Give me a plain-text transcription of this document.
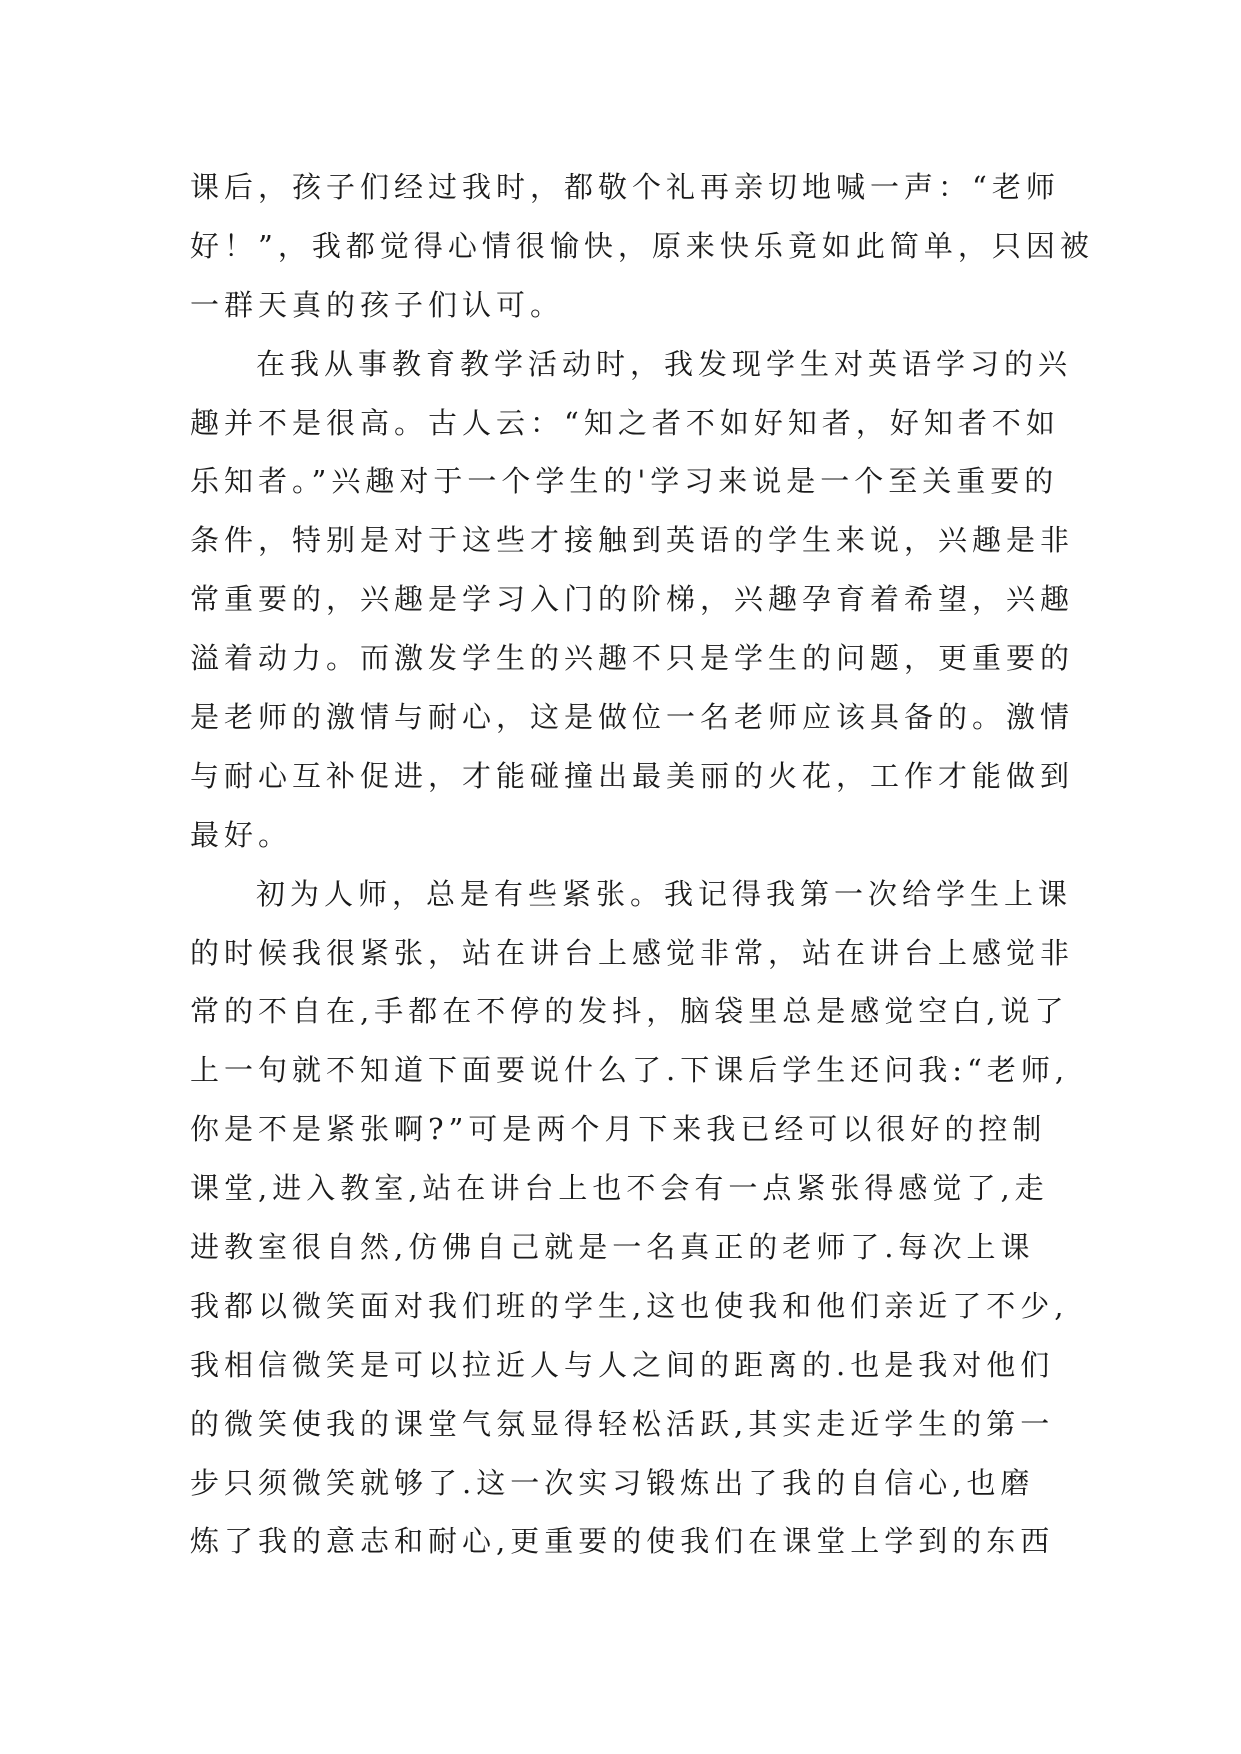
课后，孩子们经过我时，都敬个礼再亲切地喊一声：“老师
好！”，我都觉得心情很愉快，原来快乐竟如此简单，只因被
一群天真的孩子们认可。
在我从事教育教学活动时，我发现学生对英语学习的兴
趣并不是很高。古人云：“知之者不如好知者，好知者不如
乐知者。”兴趣对于一个学生的'学习来说是一个至关重要的
条件，特别是对于这些才接触到英语的学生来说，兴趣是非
常重要的，兴趣是学习入门的阶梯，兴趣孕育着希望，兴趣
溢着动力。而激发学生的兴趣不只是学生的问题，更重要的
是老师的激情与耐心，这是做位一名老师应该具备的。激情
与耐心互补促进，才能碰撞出最美丽的火花，工作才能做到
最好。
初为人师，总是有些紧张。我记得我第一次给学生上课
的时候我很紧张，站在讲台上感觉非常，站在讲台上感觉非
常的不自在,手都在不停的发抖，脑袋里总是感觉空白,说了
上一句就不知道下面要说什么了.下课后学生还问我:“老师,
你是不是紧张啊?”可是两个月下来我已经可以很好的控制
课堂,进入教室,站在讲台上也不会有一点紧张得感觉了,走
进教室很自然,仿佛自己就是一名真正的老师了.每次上课
我都以微笑面对我们班的学生,这也使我和他们亲近了不少,
我相信微笑是可以拉近人与人之间的距离的.也是我对他们
的微笑使我的课堂气氛显得轻松活跃,其实走近学生的第一
步只须微笑就够了.这一次实习锻炼出了我的自信心,也磨
炼了我的意志和耐心,更重要的使我们在课堂上学到的东西
